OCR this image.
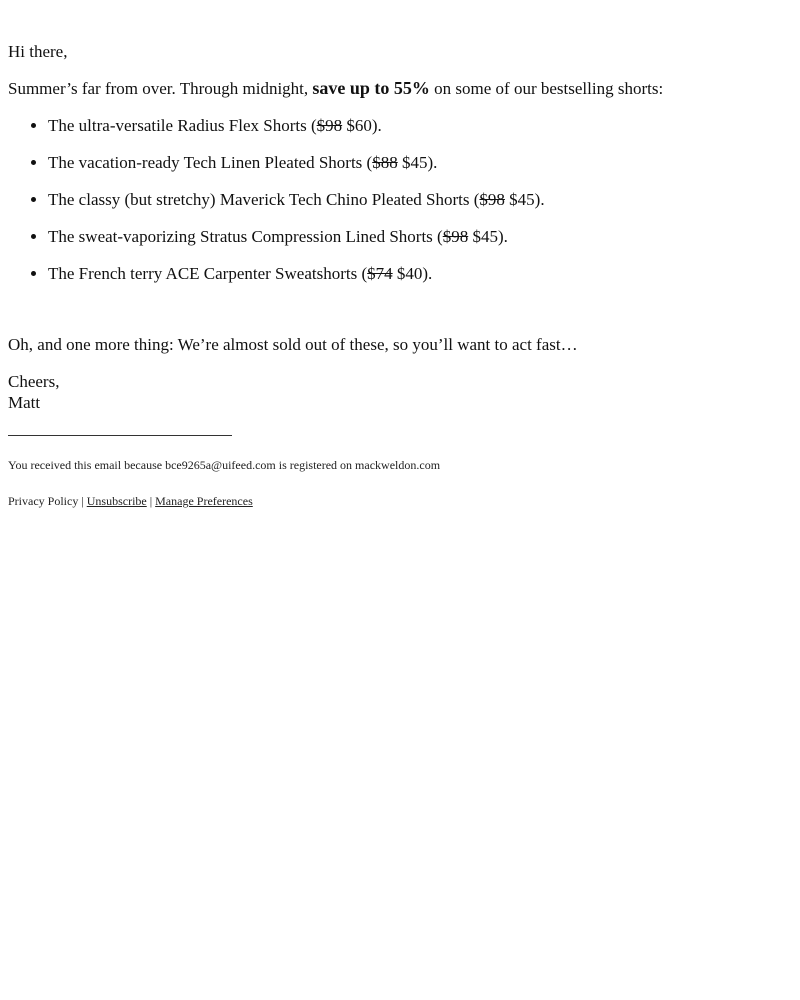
Hi there,

Summer’s far from over. Through midnight, save up to 55% on some of our bestselling shorts:

• The ultra-versatile Radius Flex Shorts ($98 $60).
• The vacation-ready Tech Linen Pleated Shorts ($88 $45).
• The classy (but stretchy) Maverick Tech Chino Pleated Shorts ($98 $45).
• The sweat-vaporizing Stratus Compression Lined Shorts ($98 $45).
• The French terry ACE Carpenter Sweatshorts ($74 $40).

Oh, and one more thing: We’re almost sold out of these, so you’ll want to act fast…

Cheers,
Matt
You received this email because bce9265a@uifeed.com is registered on mackweldon.com
Privacy Policy | Unsubscribe | Manage Preferences
